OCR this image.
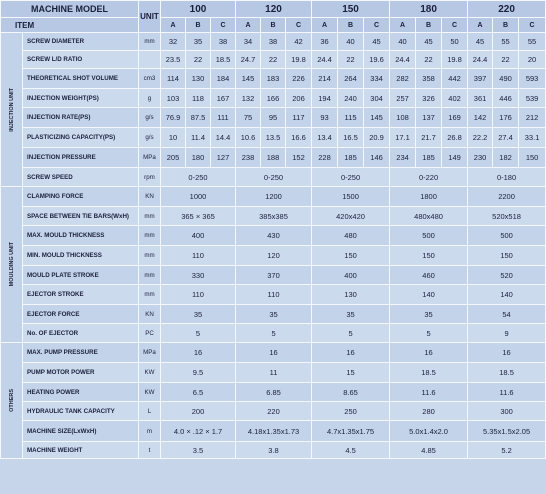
MACHINE MODEL		UNIT	100			120			150			180			220		
ITEM			A	B	C	A	B	C	A	B	C	A	B	C	A	B	C

INJECTION UNIT	SCREW DIAMETER	mm	32	35	38	34	38	42	36	40	45	40	45	50	45	55	55
	SCREW L/D RATIO		23.5	22	18.5	24.7	22	19.8	24.4	22	19.6	24.4	22	19.8	24.4	22	20
	THEORETICAL SHOT VOLUME	cm3	114	130	184	145	183	226	214	264	334	282	358	442	397	490	593
	INJECTION WEIGHT(PS)	g	103	118	167	132	166	206	194	240	304	257	326	402	361	446	539
	INJECTION RATE(PS)	g/s	76.9	87.5	111	75	95	117	93	115	145	108	137	169	142	176	212
	PLASTICIZING CAPACITY(PS)	g/s	10	11.4	14.4	10.6	13.5	16.6	13.4	16.5	20.9	17.1	21.7	26.8	22.2	27.4	33.1
	INJECTION PRESSURE	MPa	205	180	127	238	188	152	228	185	146	234	185	149	230	182	150
	SCREW SPEED	rpm	0-250			0-250			0-250			0-220			0-180		

MOULDING UNIT	CLAMPING FORCE	KN	1000			1200			1500			1800			2200		
	SPACE BETWEEN TIE BARS(WxH)	mm	365 × 365			385x385			420x420			480x480			520x518		
	MAX. MOULD THICKNESS	mm	400			430			480			500			500		
	MIN. MOULD THICKNESS	mm	110			120			150			150			150		
	MOULD PLATE STROKE	mm	330			370			400			460			520		
	EJECTOR STROKE	mm	110			110			130			140			140		
	EJECTOR FORCE	KN	35			35			35			35			54		
	No. OF EJECTOR	PC	5			5			5			5			9		

OTHERS	MAX. PUMP PRESSURE	MPa	16			16			16			16			16		
	PUMP MOTOR POWER	KW	9.5			11			15			18.5			18.5		
	HEATING POWER	KW	6.5			6.85			8.65			11.6			11.6		
	HYDRAULIC TANK CAPACITY	L	200			220			250			280			300		
	MACHINE SIZE(LxWxH)	m	4.0 × .12 × 1.7			4.18x1.35x1.73			4.7x1.35x1.75			5.0x1.4x2.0			5.35x1.5x2.05		
	MACHINE WEIGHT	t	3.5			3.8			4.5			4.85			5.2		
